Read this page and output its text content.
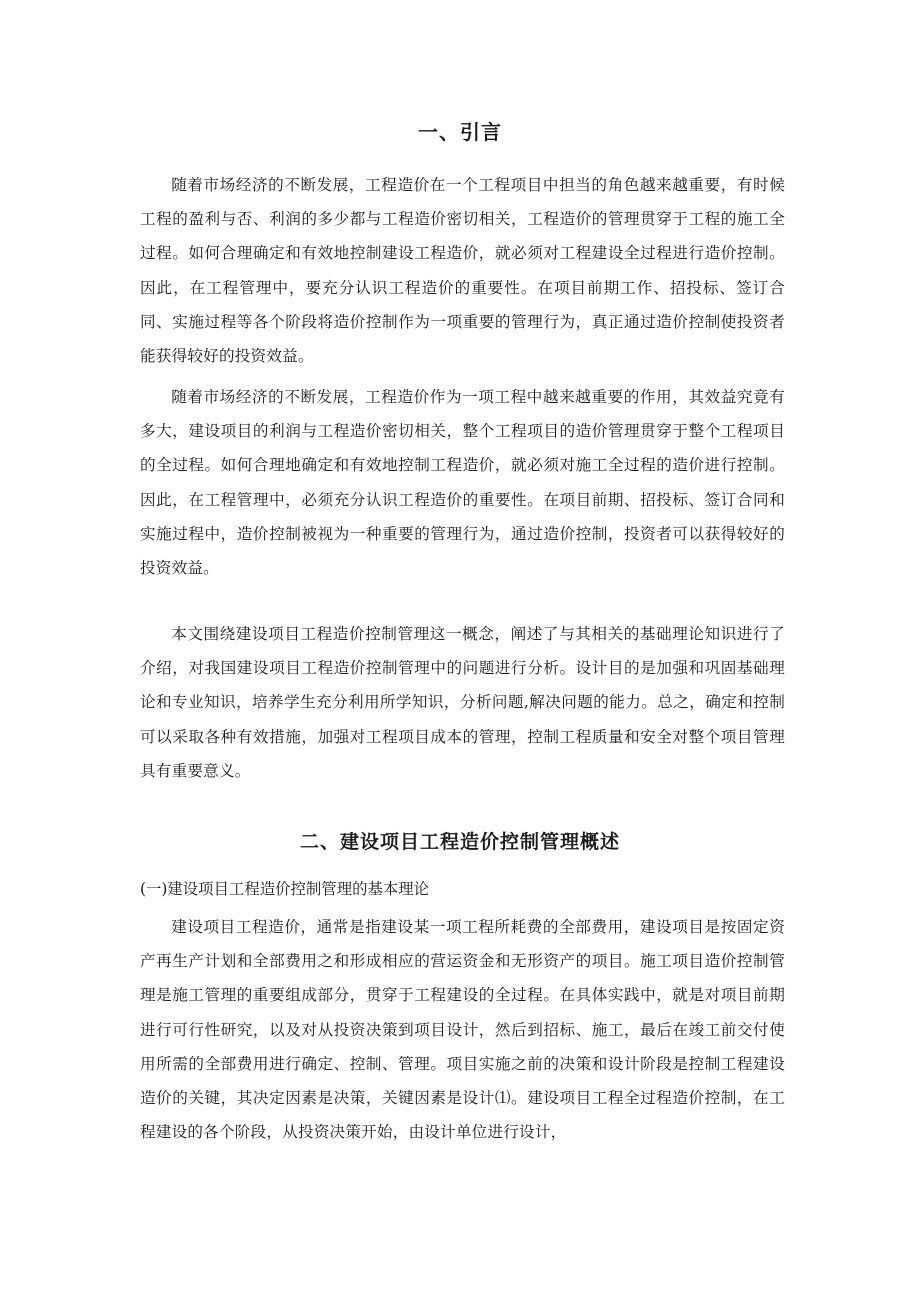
一、引言

随着市场经济的不断发展，工程造价在一个工程项目中担当的角色越来越重要，有时候工程的盈利与否、利润的多少都与工程造价密切相关，工程造价的管理贯穿于工程的施工全过程。如何合理确定和有效地控制建设工程造价，就必须对工程建设全过程进行造价控制。因此，在工程管理中，要充分认识工程造价的重要性。在项目前期工作、招投标、签订合同、实施过程等各个阶段将造价控制作为一项重要的管理行为，真正通过造价控制使投资者能获得较好的投资效益。

随着市场经济的不断发展，工程造价作为一项工程中越来越重要的作用，其效益究竟有多大，建设项目的利润与工程造价密切相关，整个工程项目的造价管理贯穿于整个工程项目的全过程。如何合理地确定和有效地控制工程造价，就必须对施工全过程的造价进行控制。因此，在工程管理中，必须充分认识工程造价的重要性。在项目前期、招投标、签订合同和实施过程中，造价控制被视为一种重要的管理行为，通过造价控制，投资者可以获得较好的投资效益。

本文围绕建设项目工程造价控制管理这一概念，阐述了与其相关的基础理论知识进行了介绍，对我国建设项目工程造价控制管理中的问题进行分析。设计目的是加强和巩固基础理论和专业知识，培养学生充分利用所学知识，分析问题,解决问题的能力。总之，确定和控制可以采取各种有效措施，加强对工程项目成本的管理，控制工程质量和安全对整个项目管理具有重要意义。

二、建设项目工程造价控制管理概述

(一)建设项目工程造价控制管理的基本理论

建设项目工程造价，通常是指建设某一项工程所耗费的全部费用，建设项目是按固定资产再生产计划和全部费用之和形成相应的营运资金和无形资产的项目。施工项目造价控制管理是施工管理的重要组成部分，贯穿于工程建设的全过程。在具体实践中，就是对项目前期进行可行性研究，以及对从投资决策到项目设计，然后到招标、施工，最后在竣工前交付使用所需的全部费用进行确定、控制、管理。项目实施之前的决策和设计阶段是控制工程建设造价的关键，其决定因素是决策，关键因素是设计⑴。建设项目工程全过程造价控制，在工程建设的各个阶段，从投资决策开始，由设计单位进行设计，
